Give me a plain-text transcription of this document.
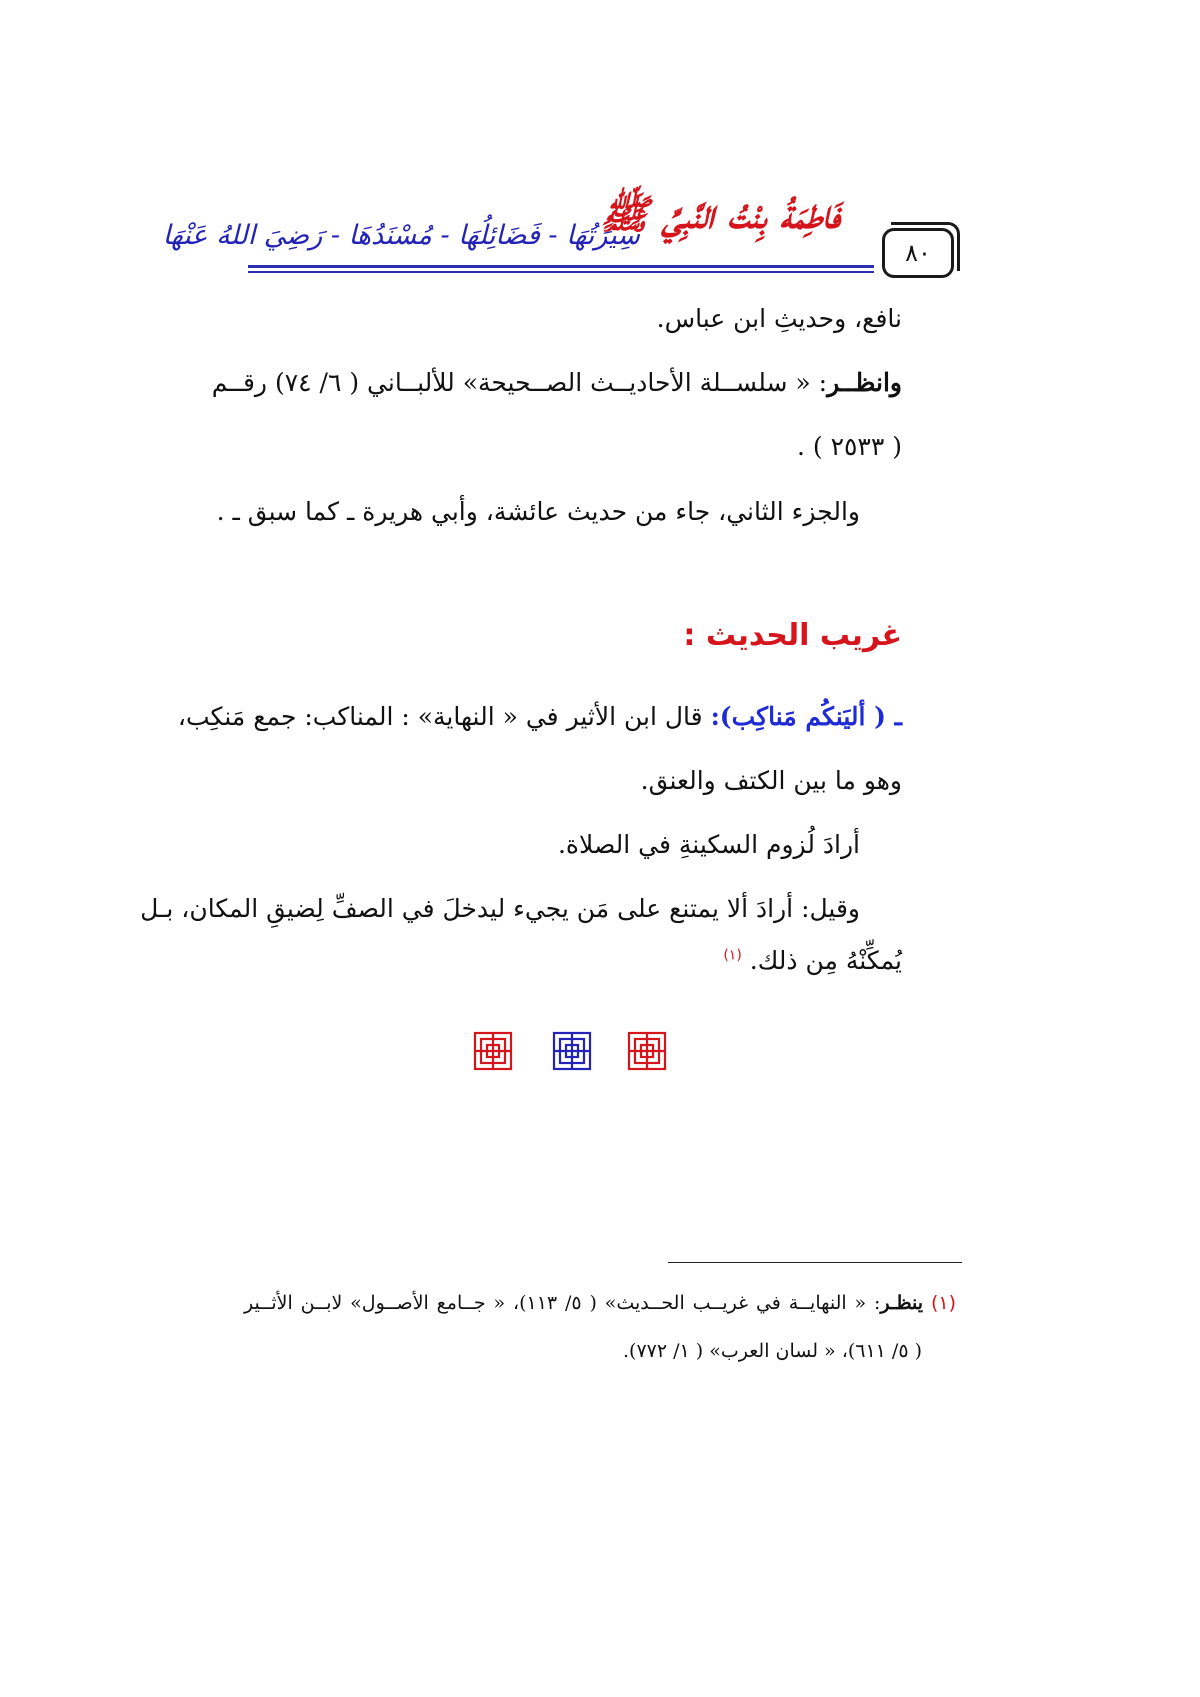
٨٠
فَاطِمَةُ بِنْتُ النَّبِيِّ ﷺ
سِيرَتُهَا - فَضَائِلُهَا - مُسْنَدُهَا - رَضِيَ اللهُ عَنْهَا
نافع، وحديثِ ابن عباس.
وانظــر: « سلســلة الأحاديــث الصــحيحة» للألبــاني ( ٦/ ٧٤) رقــم
( ٢٥٣٣ ) .
والجزء الثاني، جاء من حديث عائشة، وأبي هريرة ـ كما سبق ـ .
غريب الحديث :
ـ ( أليَنكُم مَناكِب): قال ابن الأثير في « النهاية» : المناكب: جمع مَنكِب،
وهو ما بين الكتف والعنق.
أرادَ لُزوم السكينةِ في الصلاة.
وقيل: أرادَ ألا يمتنع على مَن يجيء ليدخلَ في الصفِّ لِضيقِ المكان، بـل
يُمكِّنْهُ مِن ذلك. $^{(١)}$
(١) ينظـر: « النهايــة في غريــب الحــديث» ( ٥/ ١١٣)، « جــامع الأصــول» لابــن الأثــير
( ٥/ ٦١١)، « لسان العرب» ( ١/ ٧٧٢).
